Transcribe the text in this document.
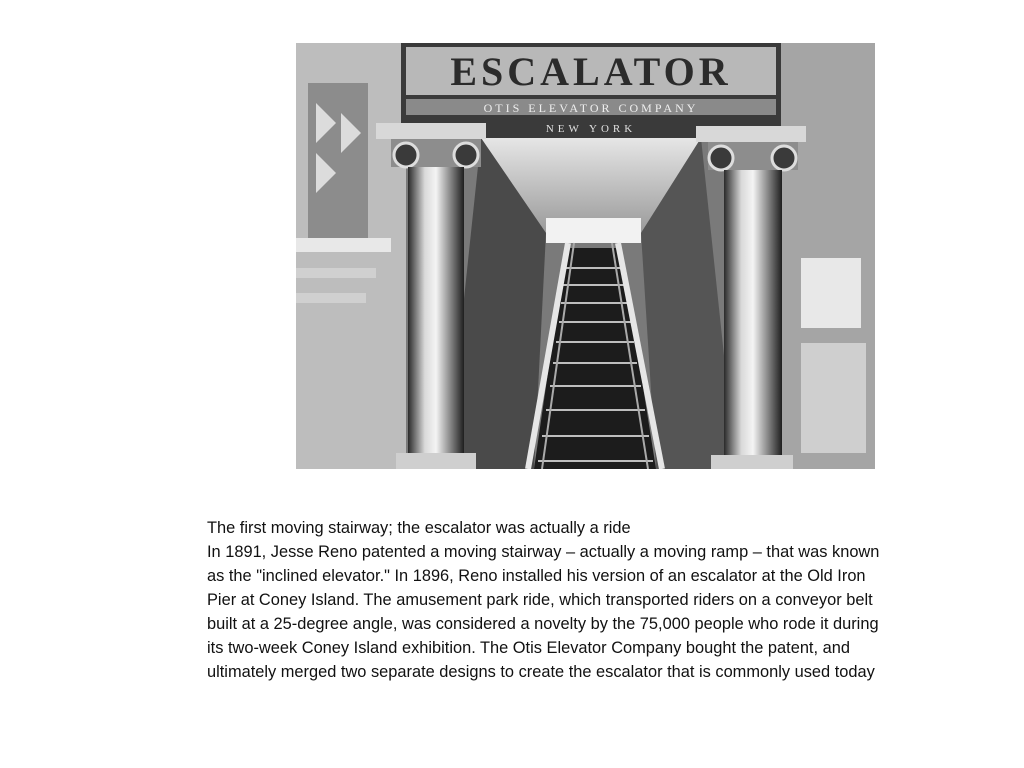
ESCALATOR
OTIS ELEVATOR COMPANY
NEW YORK

The first moving stairway; the escalator was actually a ride

In 1891, Jesse Reno patented a moving stairway – actually a moving ramp – that was known as the "inclined elevator." In 1896, Reno installed his version of an escalator at the Old Iron Pier at Coney Island. The amusement park ride, which transported riders on a conveyor belt built at a 25-degree angle, was considered a novelty by the 75,000 people who rode it during its two-week Coney Island exhibition. The Otis Elevator Company bought the patent, and ultimately merged two separate designs to create the escalator that is commonly used today
